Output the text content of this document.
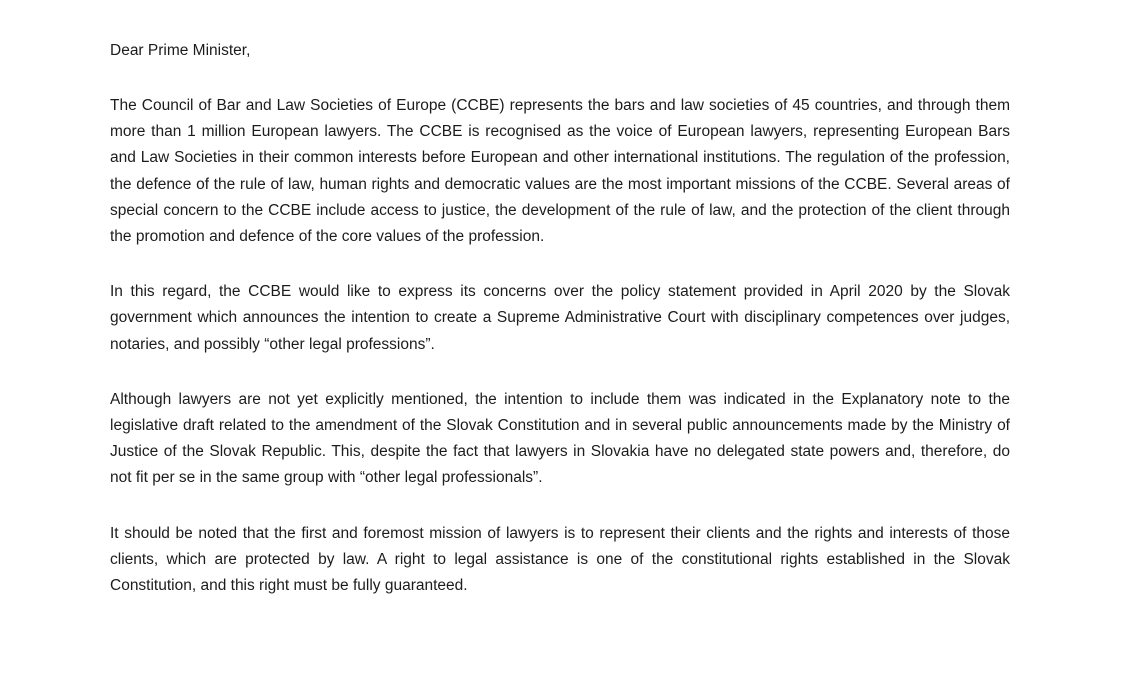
Dear Prime Minister,

The Council of Bar and Law Societies of Europe (CCBE) represents the bars and law societies of 45 countries, and through them more than 1 million European lawyers. The CCBE is recognised as the voice of European lawyers, representing European Bars and Law Societies in their common interests before European and other international institutions. The regulation of the profession, the defence of the rule of law, human rights and democratic values are the most important missions of the CCBE. Several areas of special concern to the CCBE include access to justice, the development of the rule of law, and the protection of the client through the promotion and defence of the core values of the profession.

In this regard, the CCBE would like to express its concerns over the policy statement provided in April 2020 by the Slovak government which announces the intention to create a Supreme Administrative Court with disciplinary competences over judges, notaries, and possibly “other legal professions”.

Although lawyers are not yet explicitly mentioned, the intention to include them was indicated in the Explanatory note to the legislative draft related to the amendment of the Slovak Constitution and in several public announcements made by the Ministry of Justice of the Slovak Republic. This, despite the fact that lawyers in Slovakia have no delegated state powers and, therefore, do not fit per se in the same group with “other legal professionals”.

It should be noted that the first and foremost mission of lawyers is to represent their clients and the rights and interests of those clients, which are protected by law. A right to legal assistance is one of the constitutional rights established in the Slovak Constitution, and this right must be fully guaranteed.
